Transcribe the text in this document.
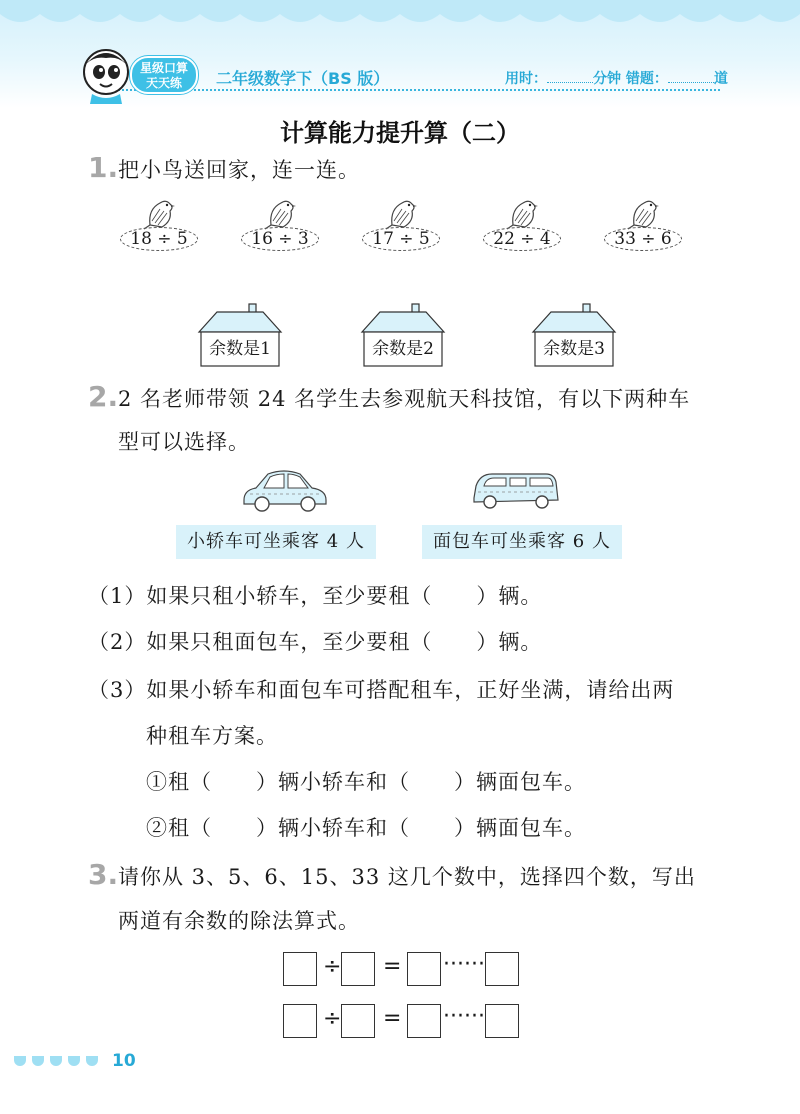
星级口算
天天练	二年级数学下（BS 版）	用时：	分钟 错题：	道
计算能力提升算（二）
1. 把小鸟送回家，连一连。
18 ÷ 5	16 ÷ 3	17 ÷ 5	22 ÷ 4	33 ÷ 6
余数是1	余数是2	余数是3
2. 2 名老师带领 24 名学生去参观航天科技馆，有以下两种车
型可以选择。
小轿车可坐乘客 4 人	面包车可坐乘客 6 人
（1）如果只租小轿车，至少要租（　　）辆。
（2）如果只租面包车，至少要租（　　）辆。
（3）如果小轿车和面包车可搭配租车，正好坐满，请给出两
种租车方案。
①租（　　）辆小轿车和（　　）辆面包车。
②租（　　）辆小轿车和（　　）辆面包车。
3. 请你从 3、5、6、15、33 这几个数中，选择四个数，写出
两道有余数的除法算式。
÷ = ······
÷ = ······
10
